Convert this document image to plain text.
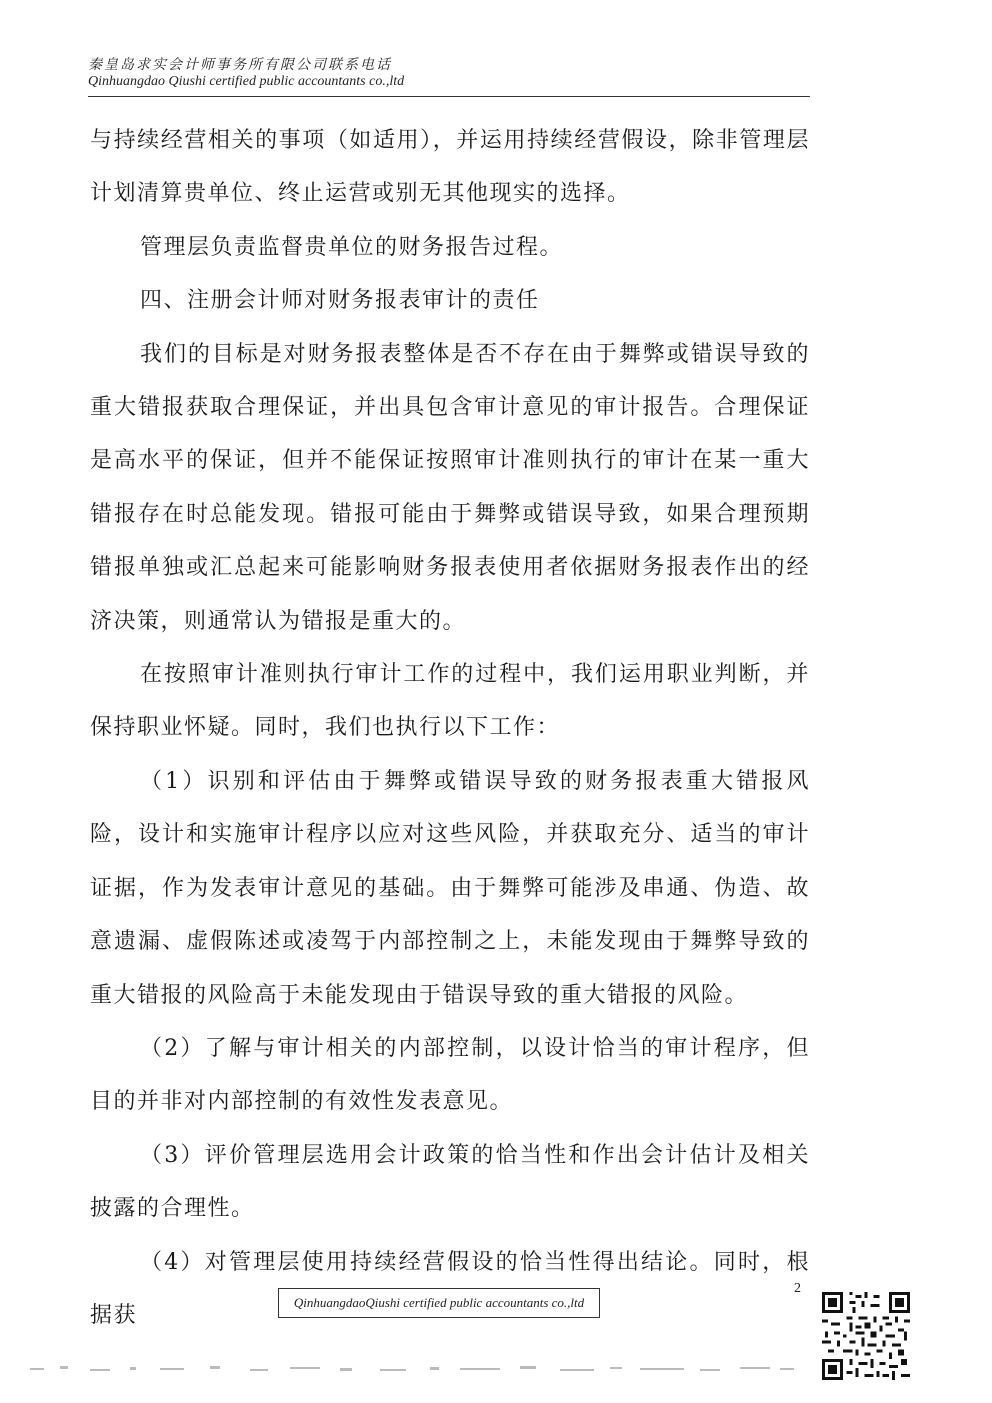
秦皇岛求实会计师事务所有限公司联系电话
Qinhuangdao Qiushi certified public accountants co.,ltd

与持续经营相关的事项（如适用），并运用持续经营假设，除非管理层计划清算贵单位、终止运营或别无其他现实的选择。

管理层负责监督贵单位的财务报告过程。

四、注册会计师对财务报表审计的责任

我们的目标是对财务报表整体是否不存在由于舞弊或错误导致的重大错报获取合理保证，并出具包含审计意见的审计报告。合理保证是高水平的保证，但并不能保证按照审计准则执行的审计在某一重大错报存在时总能发现。错报可能由于舞弊或错误导致，如果合理预期错报单独或汇总起来可能影响财务报表使用者依据财务报表作出的经济决策，则通常认为错报是重大的。

在按照审计准则执行审计工作的过程中，我们运用职业判断，并保持职业怀疑。同时，我们也执行以下工作：

（1）识别和评估由于舞弊或错误导致的财务报表重大错报风险，设计和实施审计程序以应对这些风险，并获取充分、适当的审计证据，作为发表审计意见的基础。由于舞弊可能涉及串通、伪造、故意遗漏、虚假陈述或凌驾于内部控制之上，未能发现由于舞弊导致的重大错报的风险高于未能发现由于错误导致的重大错报的风险。

（2）了解与审计相关的内部控制，以设计恰当的审计程序，但目的并非对内部控制的有效性发表意见。

（3）评价管理层选用会计政策的恰当性和作出会计估计及相关披露的合理性。

（4）对管理层使用持续经营假设的恰当性得出结论。同时，根据获

2
QinhuangdaoQiushi certified public accountants co.,ltd
